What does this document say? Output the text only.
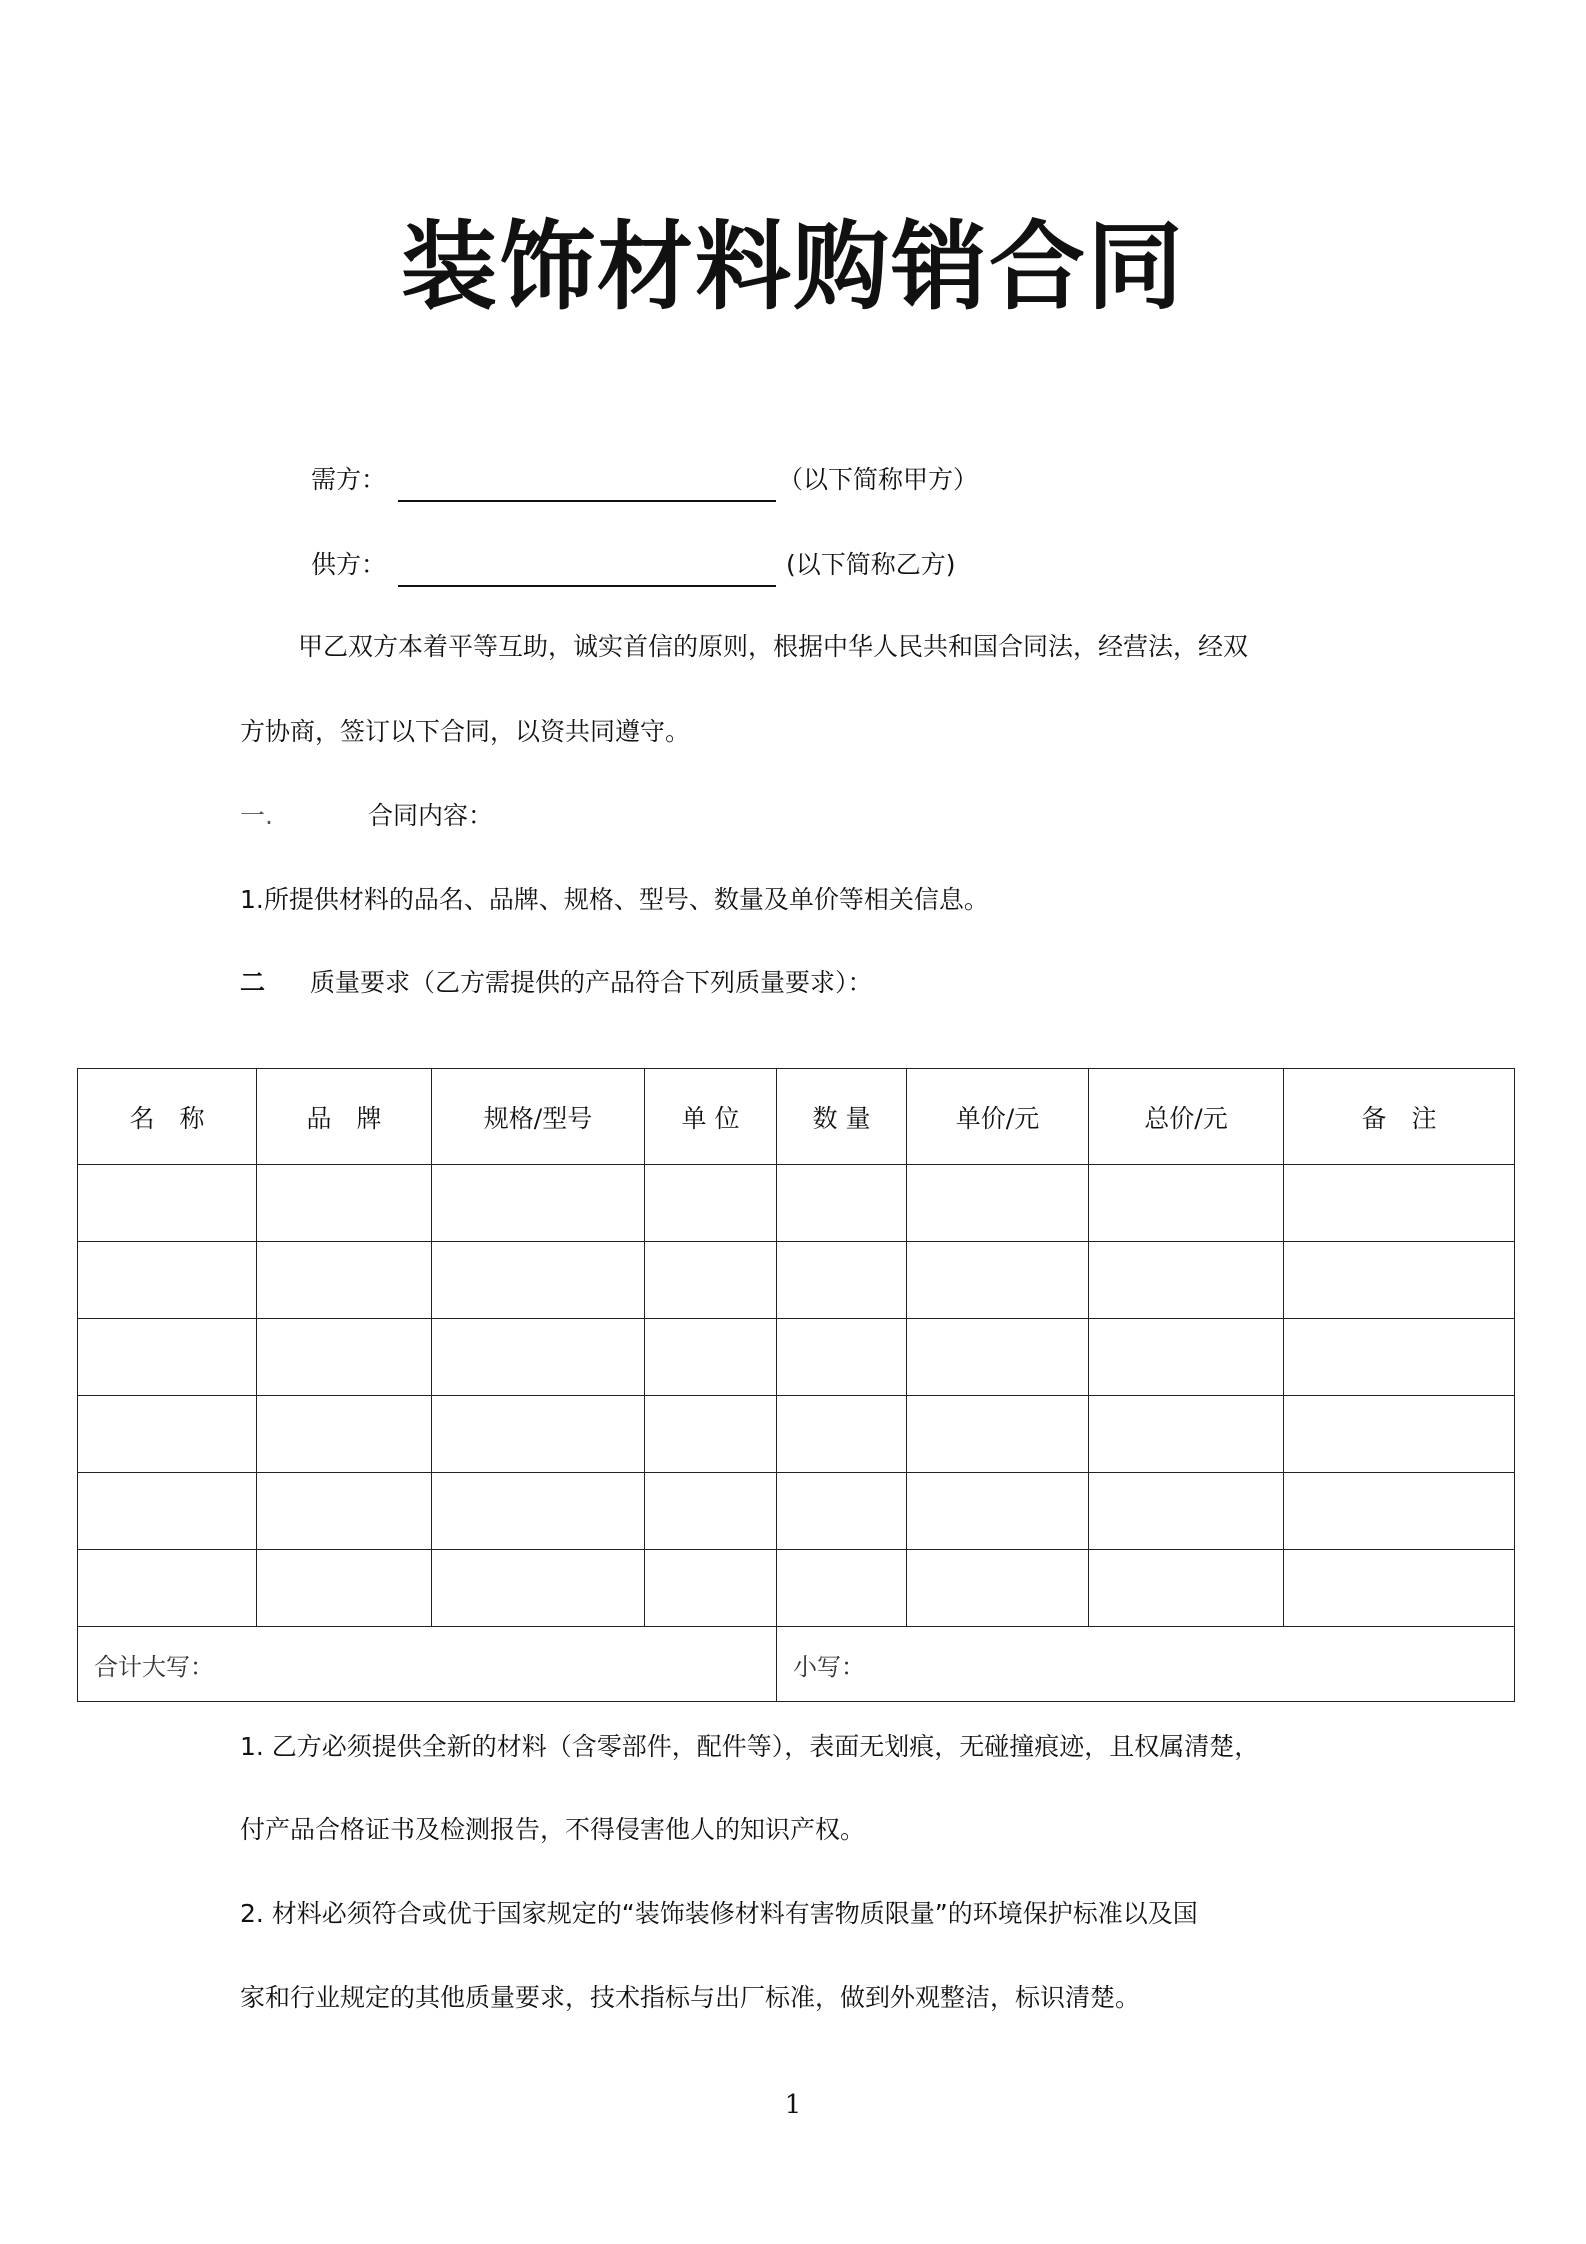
装饰材料购销合同
需方：	（以下简称甲方）
供方：	(以下简称乙方)
甲乙双方本着平等互助，诚实首信的原则，根据中华人民共和国合同法，经营法，经双
方协商，签订以下合同，以资共同遵守。
一.	合同内容：
1.所提供材料的品名、品牌、规格、型号、数量及单价等相关信息。
二 质量要求（乙方需提供的产品符合下列质量要求）：
名　称	品　牌	规格/型号	单 位	数 量	单价/元	总价/元	备　注

合计大写：				小写：			
1. 乙方必须提供全新的材料（含零部件，配件等），表面无划痕，无碰撞痕迹，且权属清楚，
付产品合格证书及检测报告，不得侵害他人的知识产权。
2. 材料必须符合或优于国家规定的“装饰装修材料有害物质限量”的环境保护标准以及国
家和行业规定的其他质量要求，技术指标与出厂标准，做到外观整洁，标识清楚。
1
